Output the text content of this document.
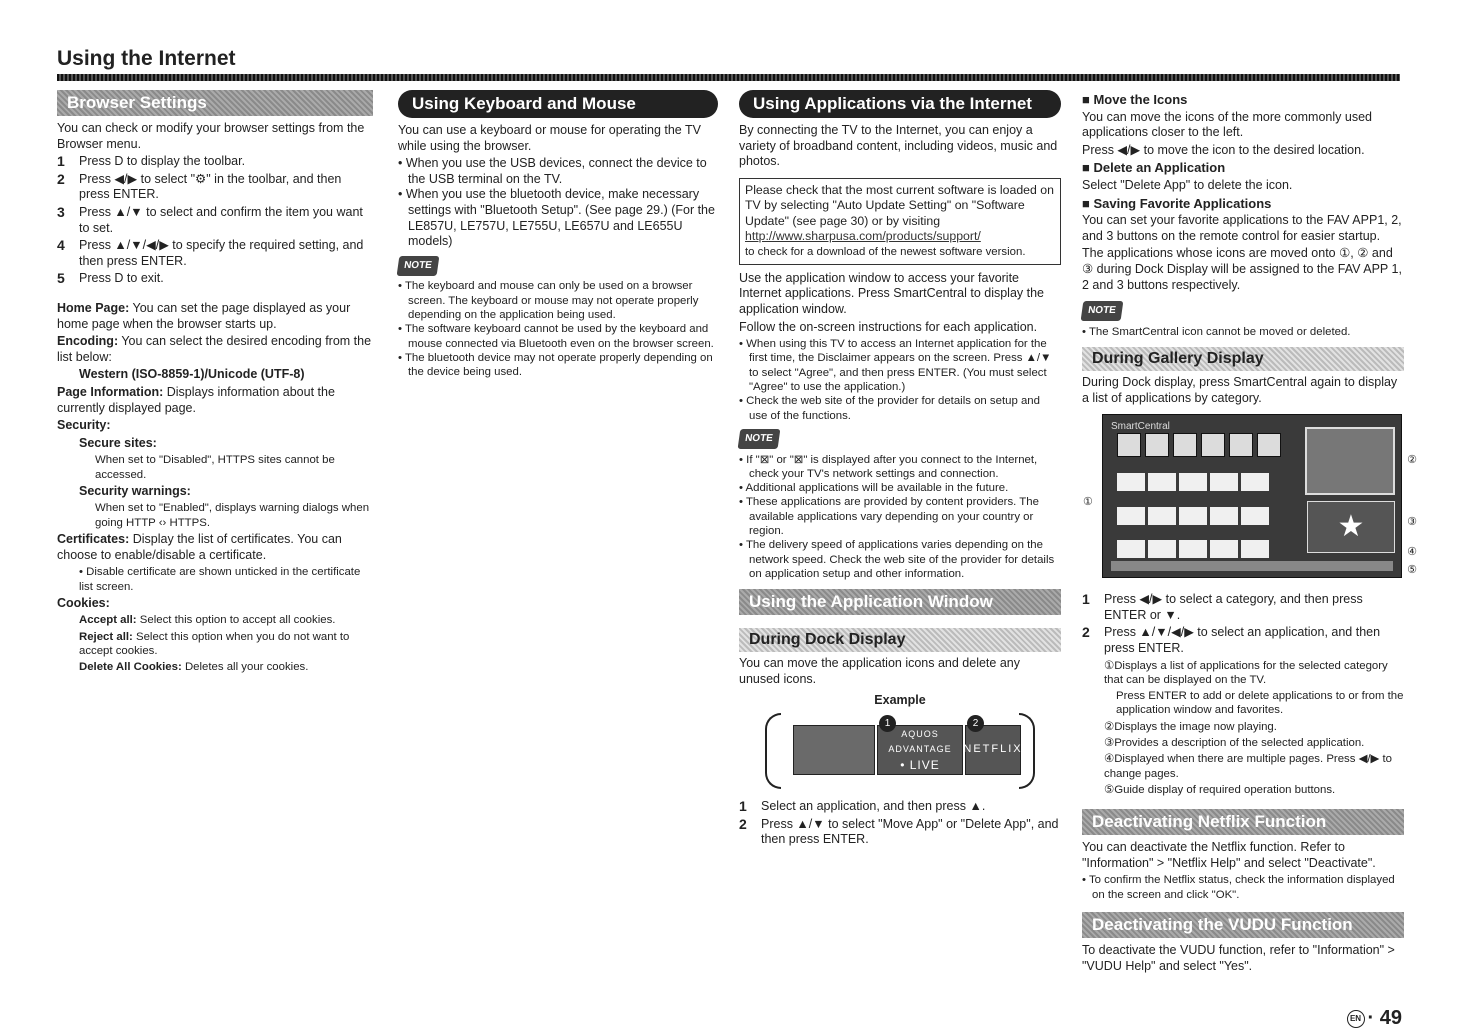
Using the Internet
Browser Settings

You can check or modify your browser settings from the Browser menu.

1	Press D to display the toolbar.
2	Press ◀/▶ to select "⚙" in the toolbar, and then press ENTER.
3	Press ▲/▼ to select and confirm the item you want to set.
4	Press ▲/▼/◀/▶ to specify the required setting, and then press ENTER.
5	Press D to exit.

Home Page: You can set the page displayed as your home page when the browser starts up.

Encoding: You can select the desired encoding from the list below:

Western (ISO-8859-1)/Unicode (UTF-8)

Page Information: Displays information about the currently displayed page.

Security:

Secure sites:

When set to "Disabled", HTTPS sites cannot be accessed.

Security warnings:

When set to "Enabled", displays warning dialogs when going HTTP ‹› HTTPS.

Certificates: Display the list of certificates. You can choose to enable/disable a certificate.

• Disable certificate are shown unticked in the certificate list screen.

Cookies:

Accept all: Select this option to accept all cookies.

Reject all: Select this option when you do not want to accept cookies.

Delete All Cookies: Deletes all your cookies.

Using Keyboard and Mouse

You can use a keyboard or mouse for operating the TV while using the browser.

• When you use the USB devices, connect the device to the USB terminal on the TV.

• When you use the bluetooth device, make necessary settings with "Bluetooth Setup". (See page 29.) (For the LE857U, LE757U, LE755U, LE657U and LE655U models)

NOTE

• The keyboard and mouse can only be used on a browser screen. The keyboard or mouse may not operate properly depending on the application being used.

• The software keyboard cannot be used by the keyboard and mouse connected via Bluetooth even on the browser screen.

• The bluetooth device may not operate properly depending on the device being used.

Using Applications via the Internet

By connecting the TV to the Internet, you can enjoy a variety of broadband content, including videos, music and photos.

Please check that the most current software is loaded on TV by selecting "Auto Update Setting" on "Software Update" (see page 30) or by visiting
http://www.sharpusa.com/products/support/
to check for a download of the newest software version.

Use the application window to access your favorite Internet applications. Press SmartCentral to display the application window.

Follow the on-screen instructions for each application.

• When using this TV to access an Internet application for the first time, the Disclaimer appears on the screen. Press ▲/▼ to select "Agree", and then press ENTER. (You must select "Agree" to use the application.)

• Check the web site of the provider for details on setup and use of the functions.

NOTE

• If "⊠" or "⊠" is displayed after you connect to the Internet, check your TV's network settings and connection.

• Additional applications will be available in the future.

• These applications are provided by content providers. The available applications vary depending on your country or region.

• The delivery speed of applications varies depending on the network speed. Check the web site of the provider for details on application setup and other information.

Using the Application Window
During Dock Display

You can move the application icons and delete any unused icons.

Example

AQUOS
ADVANTAGE
• LIVE
NETFLIX
1	2
1	Select an application, and then press ▲.
2	Press ▲/▼ to select "Move App" or "Delete App", and then press ENTER.

■ Move the Icons

You can move the icons of the more commonly used applications closer to the left.

Press ◀/▶ to move the icon to the desired location.

■ Delete an Application

Select "Delete App" to delete the icon.

■ Saving Favorite Applications

You can set your favorite applications to the FAV APP1, 2, and 3 buttons on the remote control for easier startup.

The applications whose icons are moved onto ①, ② and ③ during Dock Display will be assigned to the FAV APP 1, 2 and 3 buttons respectively.

NOTE

• The SmartCentral icon cannot be moved or deleted.

During Gallery Display

During Dock display, press SmartCentral again to display a list of applications by category.

SmartCentral

★
①
②
③
④
⑤
1	Press ◀/▶ to select a category, and then press ENTER or ▼.
2	Press ▲/▼/◀/▶ to select an application, and then press ENTER.

①Displays a list of applications for the selected category that can be displayed on the TV.

Press ENTER to add or delete applications to or from the application window and favorites.

②Displays the image now playing.

③Provides a description of the selected application.

④Displayed when there are multiple pages. Press ◀/▶ to change pages.

⑤Guide display of required operation buttons.

Deactivating Netflix Function

You can deactivate the Netflix function. Refer to "Information" > "Netflix Help" and select "Deactivate".

• To confirm the Netflix status, check the information displayed on the screen and click "OK".

Deactivating the VUDU Function

To deactivate the VUDU function, refer to "Information" > "VUDU Help" and select "Yes".

EN · 49
